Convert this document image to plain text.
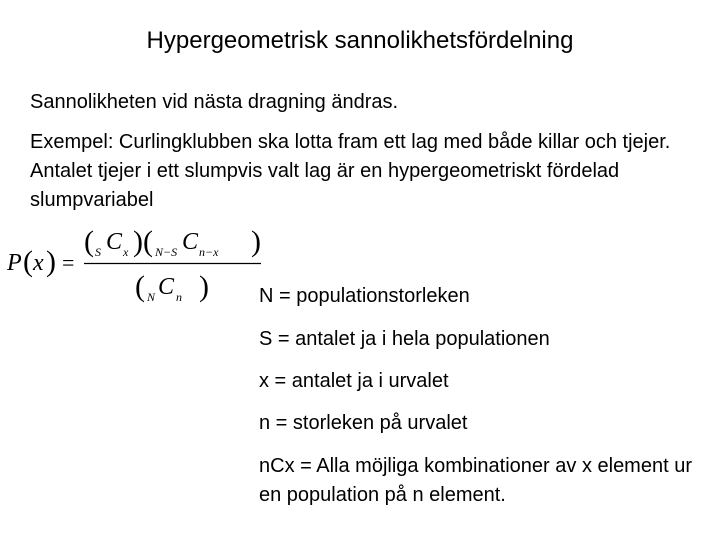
Hypergeometrisk sannolikhetsfördelning
Sannolikheten vid nästa dragning ändras.
Exempel: Curlingklubben ska lotta fram ett lag med både killar och tjejer. Antalet tjejer i ett slumpvis valt lag är en hypergeometriskt fördelad slumpvariabel
P ( x ) =
( S C x ) ( N−S C n−x )
( N C n )	N = populationstorleken
S = antalet ja i hela populationen
x = antalet ja i urvalet
n = storleken på urvalet
nCx = Alla möjliga kombinationer av x element ur en population på n element.
